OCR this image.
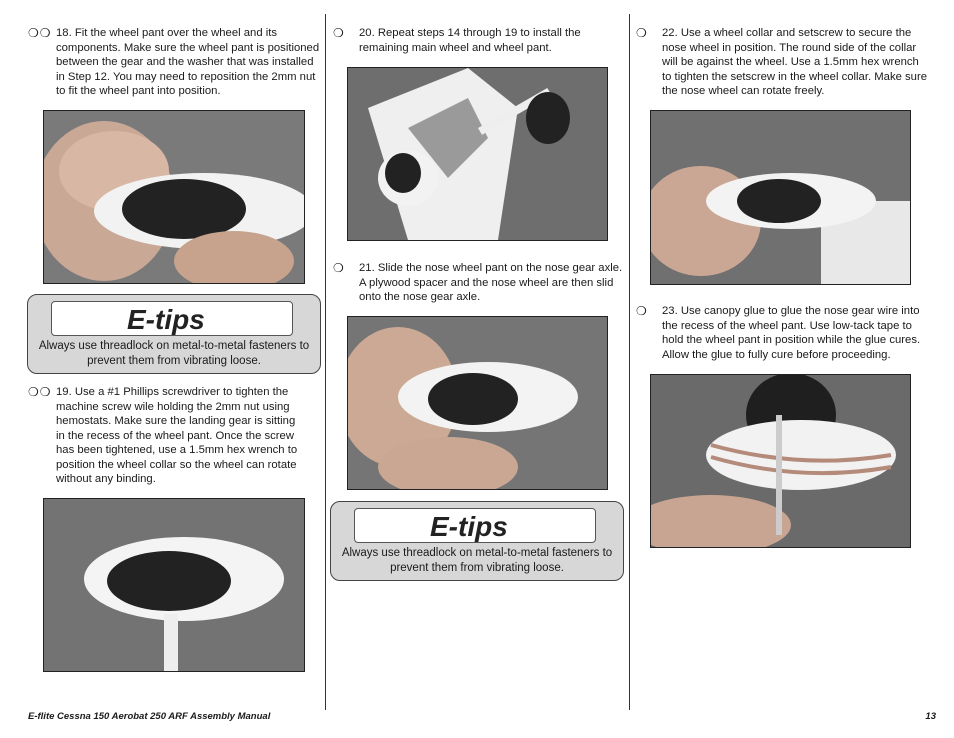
❍❍ 18. Fit the wheel pant over the wheel and its components. Make sure the wheel pant is positioned between the gear and the washer that was installed in Step 12. You may need to reposition the 2mm nut to fit the wheel pant into position.
E-tips
Always use threadlock on metal-to-metal fasteners to prevent them from vibrating loose.
❍❍ 19. Use a #1 Phillips screwdriver to tighten the machine screw wile holding the 2mm nut using hemostats. Make sure the landing gear is sitting in the recess of the wheel pant. Once the screw has been tightened, use a 1.5mm hex wrench to position the wheel collar so the wheel can rotate without any binding.
❍ 20. Repeat steps 14 through 19 to install the remaining main wheel and wheel pant.
❍ 21. Slide the nose wheel pant on the nose gear axle. A plywood spacer and the nose wheel are then slid onto the nose gear axle.
E-tips
Always use threadlock on metal-to-metal fasteners to prevent them from vibrating loose.
❍ 22. Use a wheel collar and setscrew to secure the nose wheel in position. The round side of the collar will be against the wheel. Use a 1.5mm hex wrench to tighten the setscrew in the wheel collar. Make sure the nose wheel can rotate freely.
❍ 23. Use canopy glue to glue the nose gear wire into the recess of the wheel pant. Use low-tack tape to hold the wheel pant in position while the glue cures. Allow the glue to fully cure before proceeding.
E-flite Cessna 150 Aerobat 250 ARF Assembly Manual	13
